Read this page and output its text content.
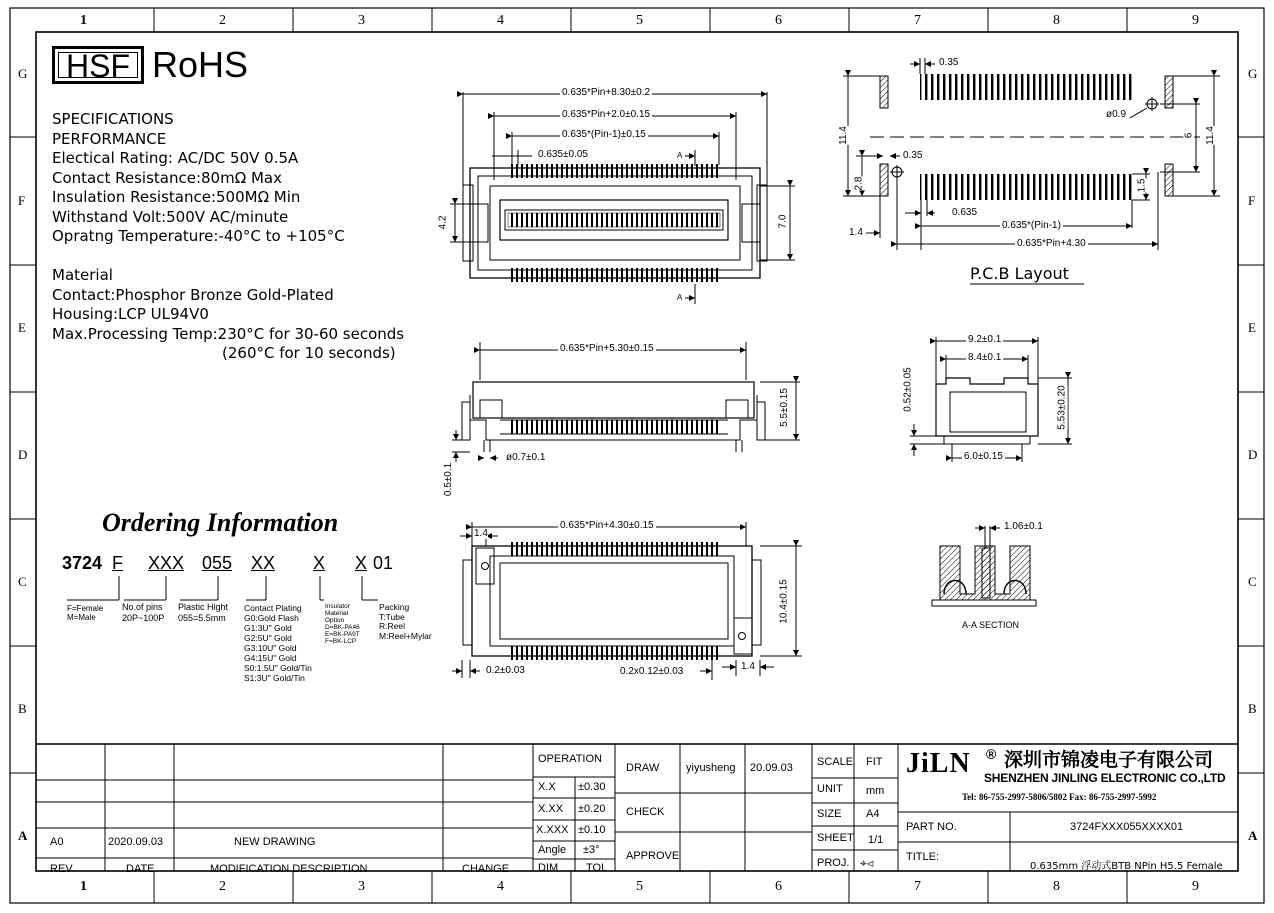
1	2	3	4	5	6	7	8	9
1	2	3	4	5	6	7	8	9
G
F
E
D
C
B
A
G
F
E
D
C
B
A
HSF RoHS
SPECIFICATIONS
PERFORMANCE
Electical Rating: AC/DC 50V 0.5A
Contact Resistance:80mΩ Max
Insulation Resistance:500MΩ Min
Withstand Volt:500V AC/minute
Opratng Temperature:-40°C to +105°C
Material
Contact:Phosphor Bronze Gold-Plated
Housing:LCP UL94V0
Max.Processing Temp:230°C for 30-60 seconds
(260°C for 10 seconds)
Ordering Information
3724 F XXX 055 XX X X 01
F=Female
M=Male
No.of pins
20P~100P
Plastic Hight
055=5.5mm
Contact Plating
G0:Gold Flash
G1:3U" Gold
G2:5U" Gold
G3:10U" Gold
G4:15U" Gold
S0:1.5U" Gold/Tin
S1:3U" Gold/Tin
Insulator
Material
Option
D=BK-PA46
E=BK-PA9T
F=BK-LCP
Packing
T:Tube
R:Reel
M:Reel+Mylar
0.635*Pin+8.30±0.2
0.635*Pin+2.0±0.15
0.635*(Pin-1)±0.15
0.635±0.05	A
A
4.2	7.0
0.635*Pin+5.30±0.15
5.5±0.15
0.5±0.1
ø0.7±0.1
0.635*Pin+4.30±0.15
1.4
10.4±0.15
0.2±0.03	0.2x0.12±0.03	1.4
0.35
0.35
ø0.9
11.4	11.4
6
2.8	1.5
0.635
0.635*(Pin-1)
0.635*Pin+4.30
1.4
P.C.B Layout
9.2±0.1
8.4±0.1
6.0±0.15
0.52±0.05	5.53±0.20
1.06±0.1
A-A SECTION
A0	2020.09.03	NEW DRAWING
REV	DATE	MODIFICATION DESCRIPTION	CHANGE
OPERATION
X.X ±0.30
X.XX ±0.20
X.XXX ±0.10
Angle ±3°
DIM	TOL
DRAW yiyusheng 20.09.03
CHECK
APPROVE
SCALE FIT
UNIT mm
SIZE A4
SHEET 1/1
PROJ. ⌖⊲
JiLN ® 深圳市锦凌电子有限公司
SHENZHEN JINLING ELECTRONIC CO.,LTD
Tel: 86-755-2997-5806/5802 Fax: 86-755-2997-5992
PART NO.	3724FXXX055XXXX01
TITLE:
0.635mm 浮动式BTB NPin H5.5 Female
